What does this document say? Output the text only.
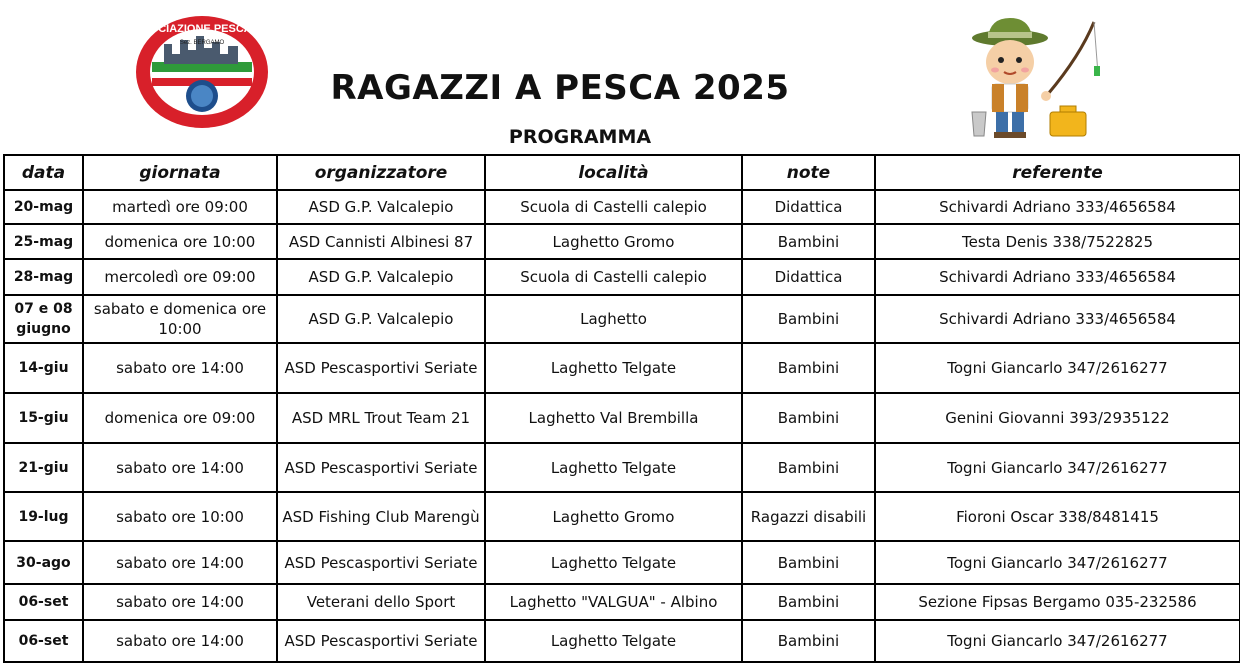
ASSOCIAZIONE PESCATORI
Sez. BERGAMO
RAGAZZI A PESCA 2025
PROGRAMMA
data	giornata	organizzatore	località	note	referente
20-mag	martedì ore 09:00	ASD G.P. Valcalepio	Scuola di Castelli calepio	Didattica	Schivardi Adriano 333/4656584
25-mag	domenica ore 10:00	ASD Cannisti Albinesi 87	Laghetto Gromo	Bambini	Testa Denis 338/7522825
28-mag	mercoledì ore 09:00	ASD G.P. Valcalepio	Scuola di Castelli calepio	Didattica	Schivardi Adriano 333/4656584
07 e 08 giugno	sabato e domenica ore 10:00	ASD G.P. Valcalepio	Laghetto	Bambini	Schivardi Adriano 333/4656584
14-giu	sabato ore 14:00	ASD Pescasportivi Seriate	Laghetto Telgate	Bambini	Togni Giancarlo 347/2616277
15-giu	domenica ore 09:00	ASD MRL Trout Team 21	Laghetto Val Brembilla	Bambini	Genini Giovanni 393/2935122
21-giu	sabato ore 14:00	ASD Pescasportivi Seriate	Laghetto Telgate	Bambini	Togni Giancarlo 347/2616277
19-lug	sabato ore 10:00	ASD Fishing Club Marengù	Laghetto Gromo	Ragazzi disabili	Fioroni Oscar 338/8481415
30-ago	sabato ore 14:00	ASD Pescasportivi Seriate	Laghetto Telgate	Bambini	Togni Giancarlo 347/2616277
06-set	sabato ore 14:00	Veterani dello Sport	Laghetto "VALGUA" - Albino	Bambini	Sezione Fipsas Bergamo 035-232586
06-set	sabato ore 14:00	ASD Pescasportivi Seriate	Laghetto Telgate	Bambini	Togni Giancarlo 347/2616277
